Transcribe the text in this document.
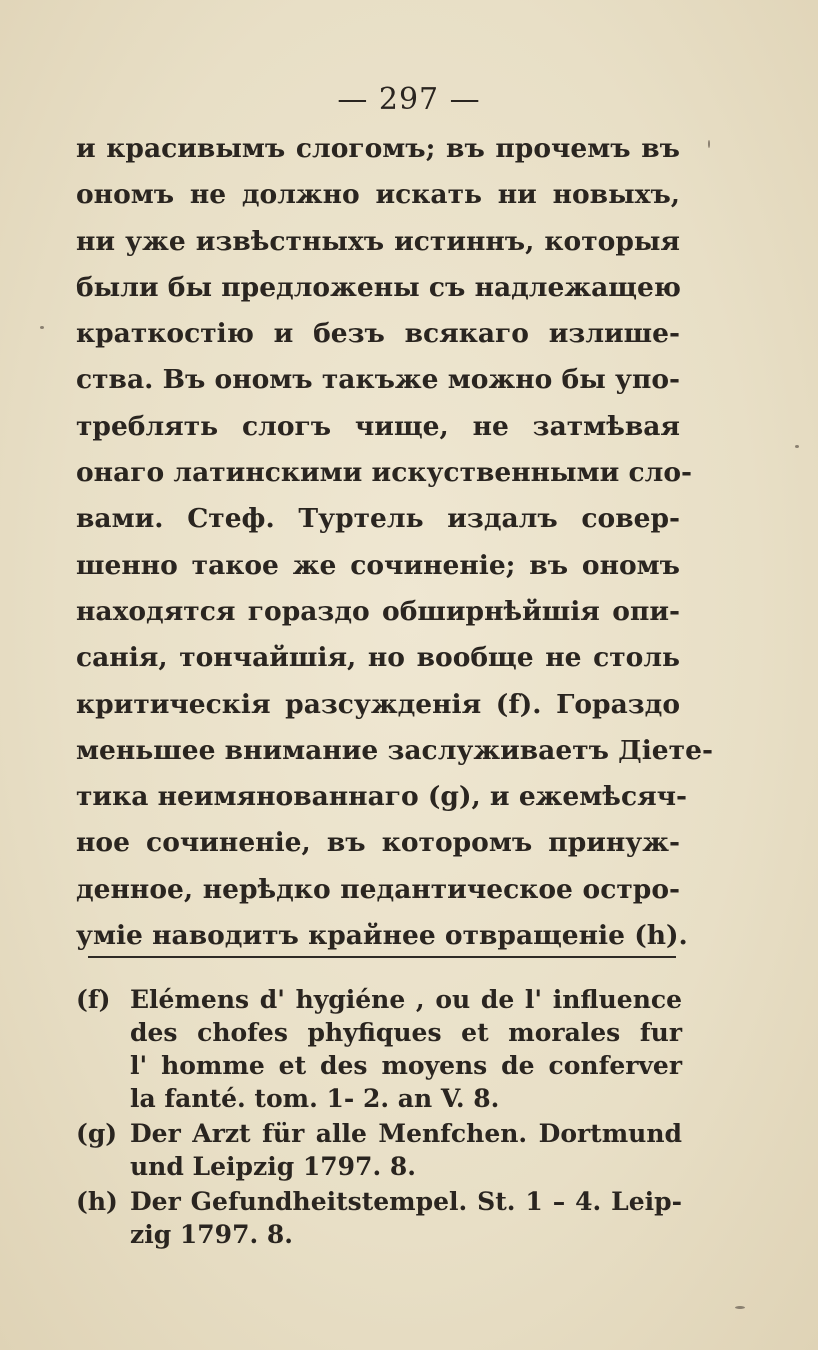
— 297 —
и красивымъ слогомъ; въ прочемъ въ
ономъ не должно искать ни новыхъ,
ни уже извѣстныхъ истиннъ, которыя
были бы предложены съ надлежащею
краткостію и безъ всякаго излише-
ства. Въ ономъ такъже можно бы упо-
треблять слогъ чище, не затмѣвая
онаго латинскими искуственными сло-
вами. Стеф. Туртель издалъ совер-
шенно такое же сочиненіе; въ ономъ
находятся гораздо обширнѣйшія опи-
санія, тончайшія, но вообще не столь
критическія разсужденія (f). Гораздо
меньшее внимание заслуживаетъ Діете-
тика неимянованнаго (g), и ежемѣсяч-
ное сочиненіе, въ которомъ принуж-
денное, нерѣдко педантическое остро-
уміе наводитъ крайнее отвращеніе (h).
(f) Elémens d' hygiéne , ou de l' influence
des chofes phyfiques et morales fur
l' homme et des moyens de conferver
la fanté. tom. 1- 2. an V. 8.
(g) Der Arzt für alle Menfchen. Dortmund
und Leipzig 1797. 8.
(h) Der Gefundheitstempel. St. 1 – 4. Leip-
zig 1797. 8.
